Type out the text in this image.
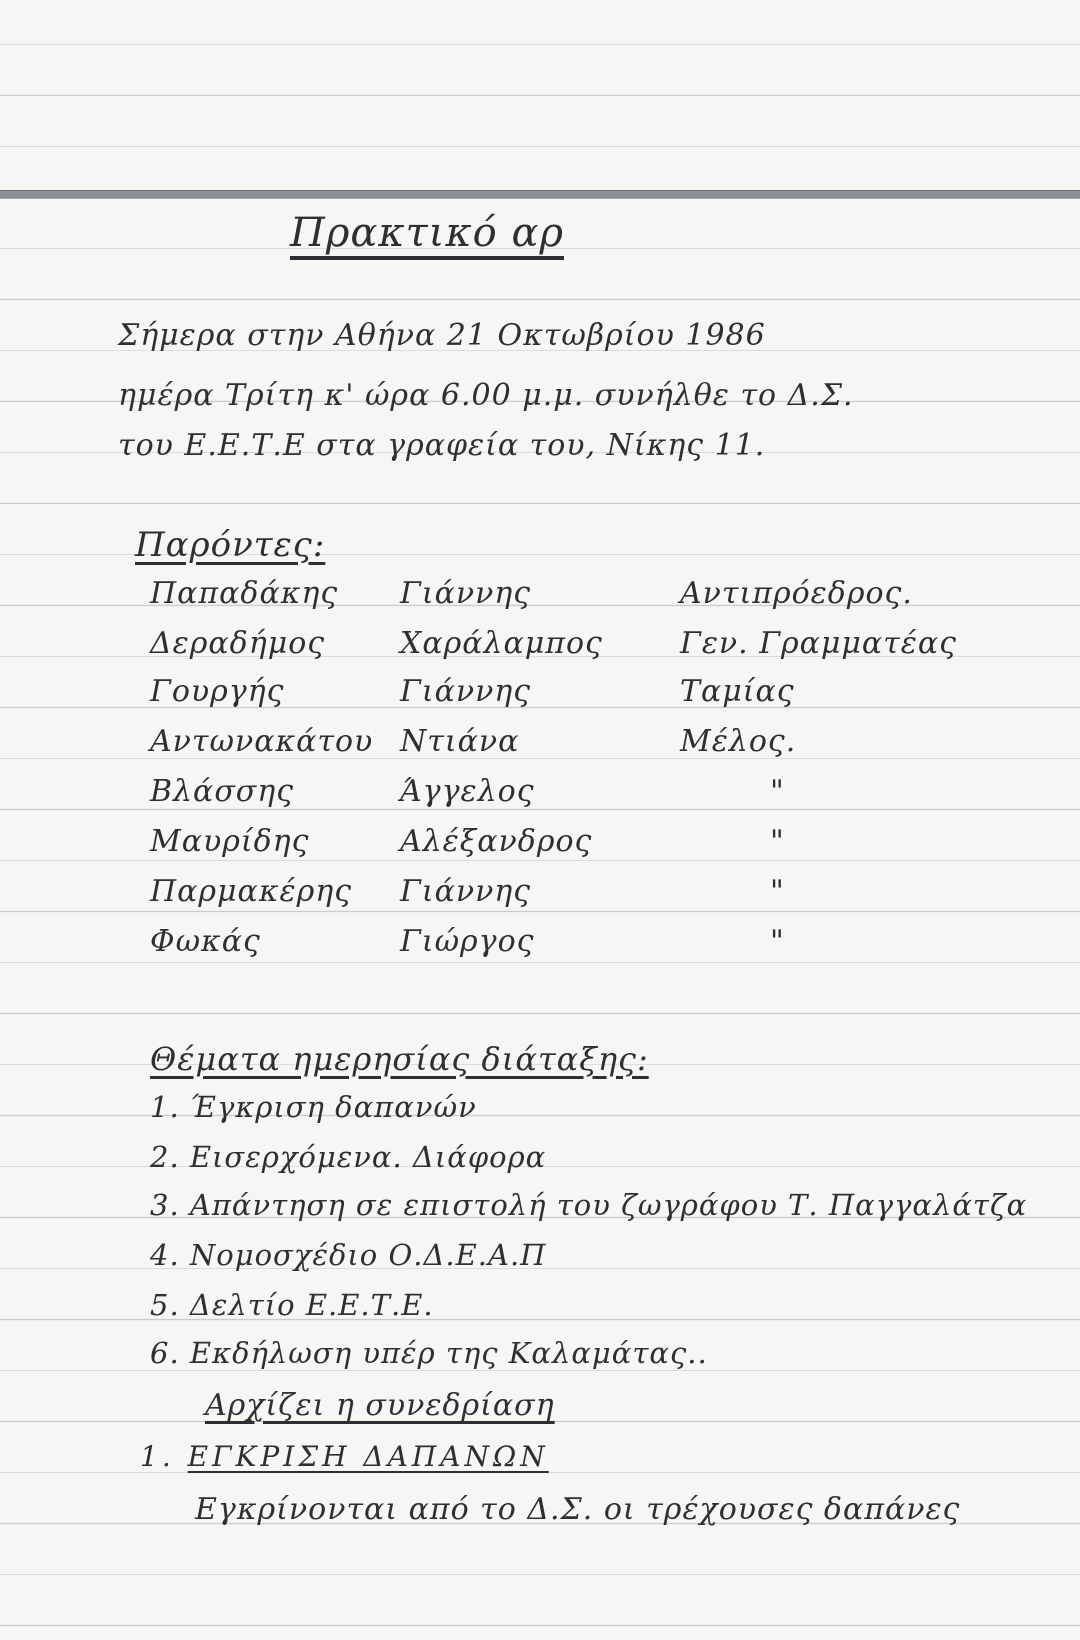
Πρακτικό αρ
Σήμερα στην Αθήνα 21 Οκτωβρίου 1986
ημέρα Τρίτη κ' ώρα 6.00 μ.μ. συνήλθε το Δ.Σ.
του Ε.Ε.Τ.Ε στα γραφεία του, Νίκης 11.
Παρόντες:
Παπαδάκης Γιάννης	Αντιπρόεδρος.
Δεραδήμος Χαράλαμπος	Γεν. Γραμματέας
Γουργής	Γιάννης	Ταμίας
Αντωνακάτου Ντιάνα	Μέλος.
Βλάσσης	Άγγελος	"
Μαυρίδης	Αλέξανδρος	"
Παρμακέρης Γιάννης	"
Φωκάς	Γιώργος	"
Θέματα ημερησίας διάταξης:
1. Έγκριση δαπανών
2. Εισερχόμενα. Διάφορα
3. Απάντηση σε επιστολή του ζωγράφου Τ. Παγγαλάτζα
4. Νομοσχέδιο Ο.Δ.Ε.Α.Π
5. Δελτίο Ε.Ε.Τ.Ε.
6. Εκδήλωση υπέρ της Καλαμάτας..
Αρχίζει η συνεδρίαση
1. ΕΓΚΡΙΣΗ ΔΑΠΑΝΩΝ
Εγκρίνονται από το Δ.Σ. οι τρέχουσες δαπάνες
